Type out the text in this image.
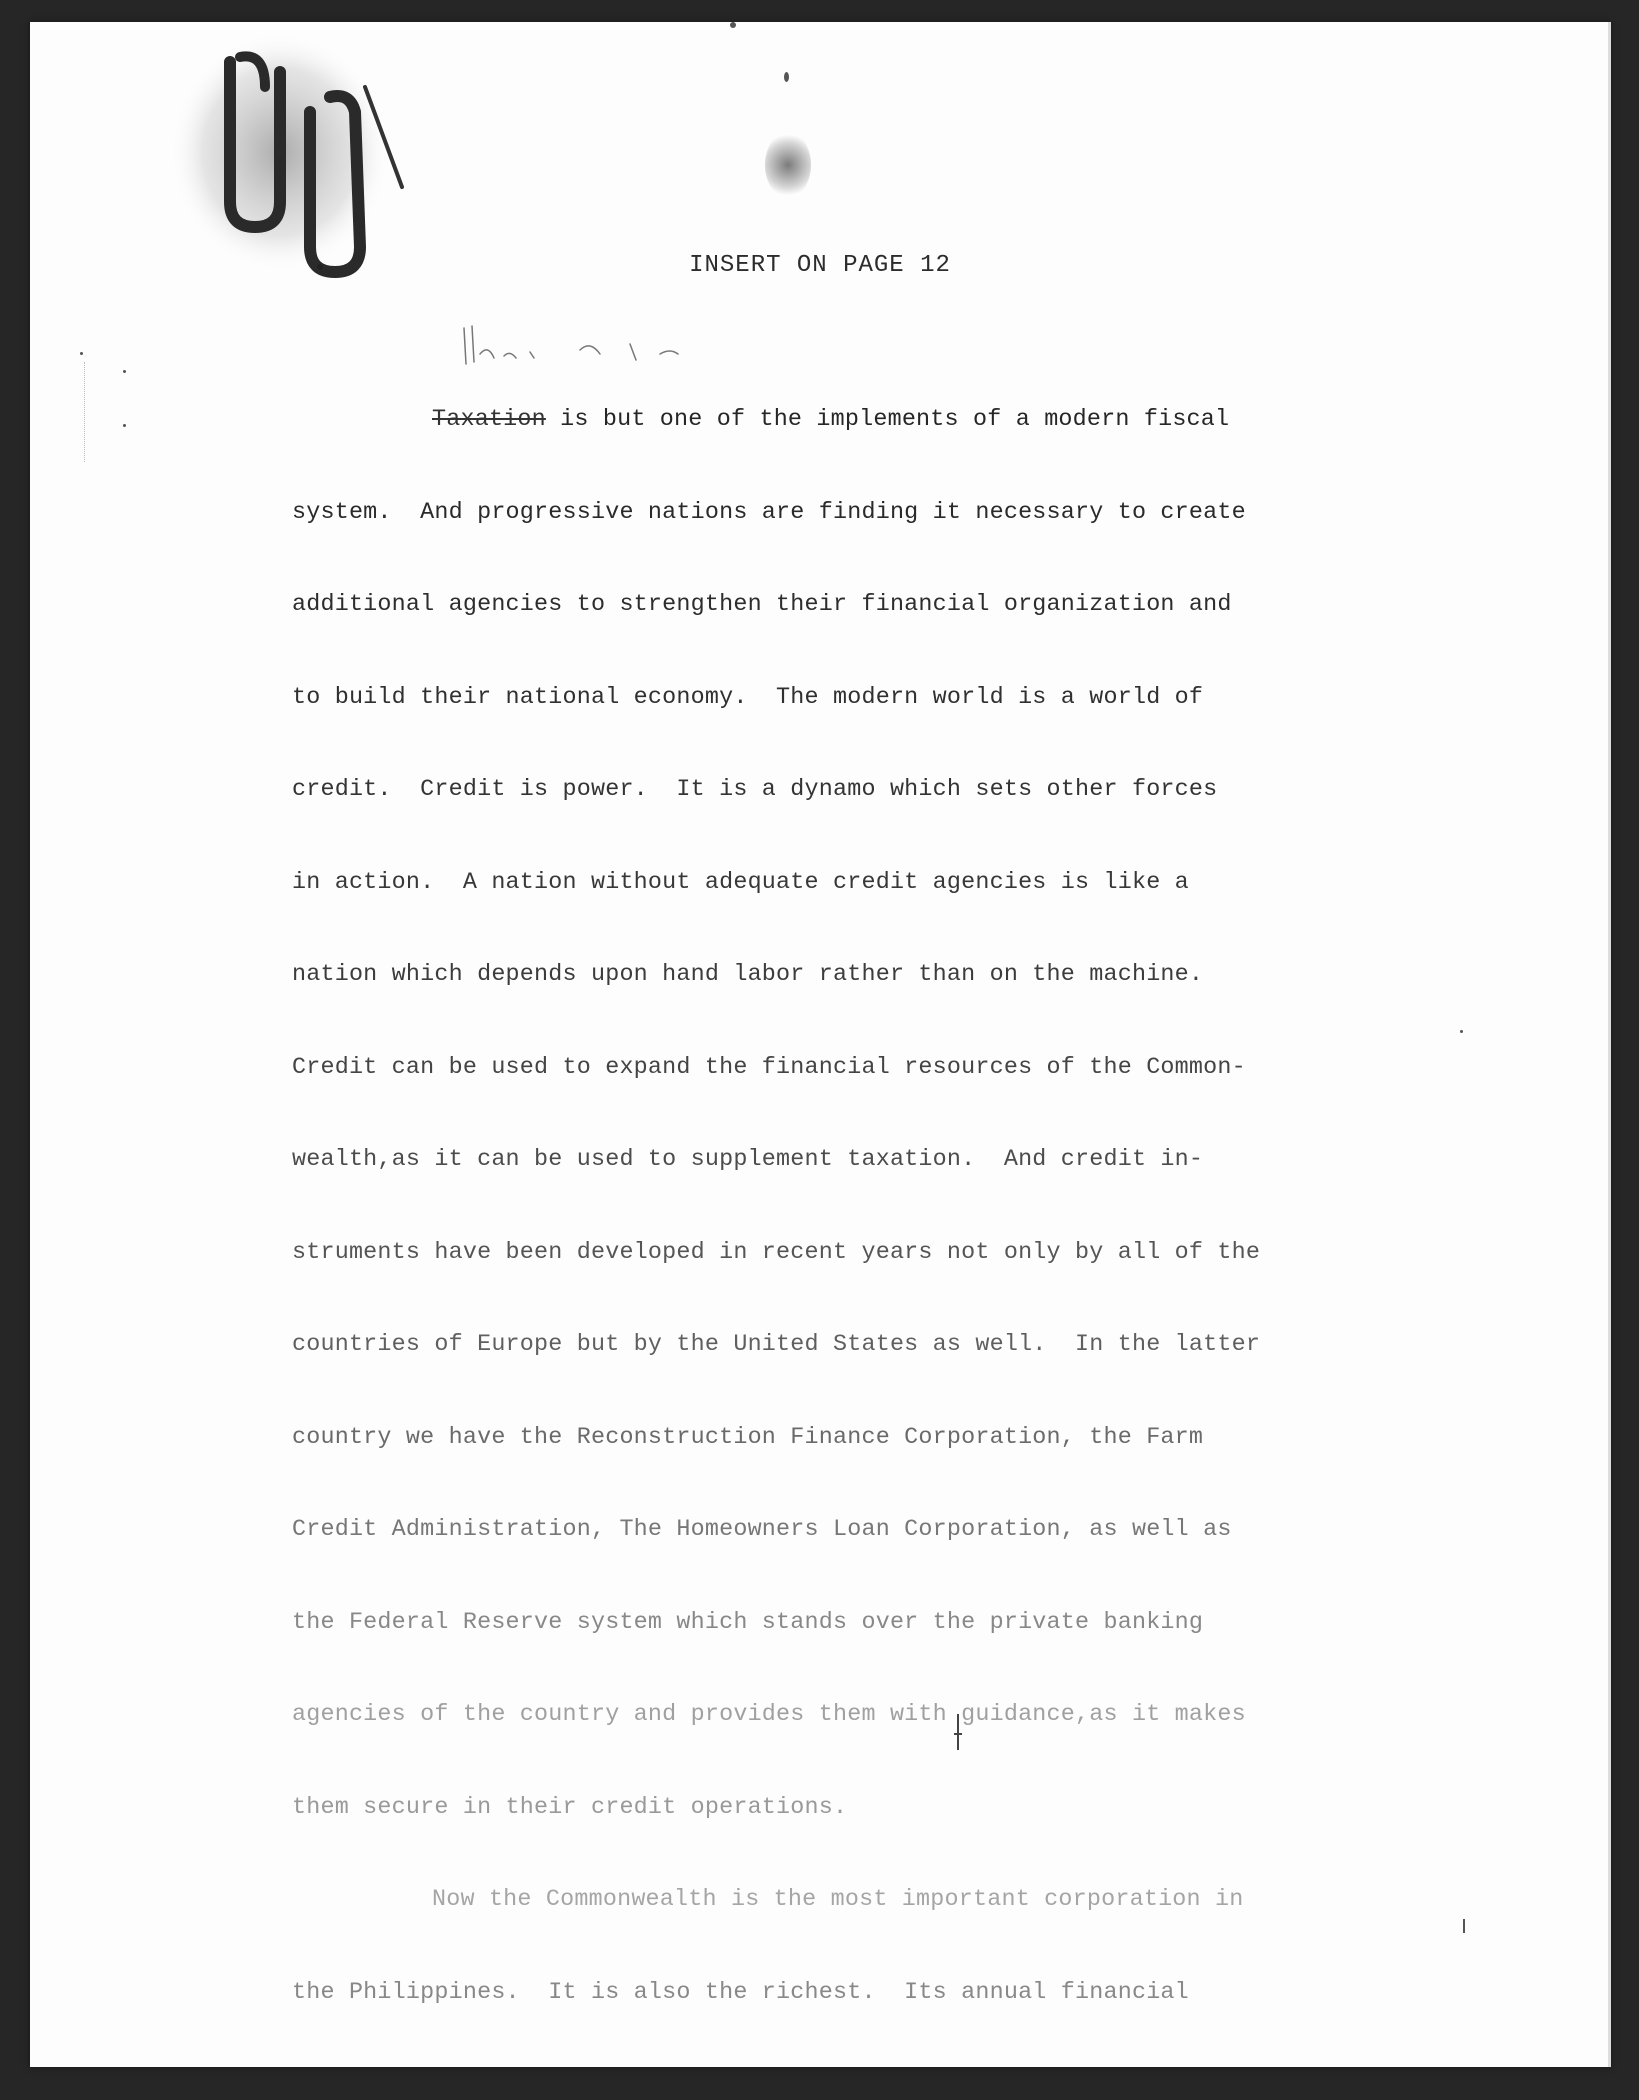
INSERT ON PAGE 12
Taxation is but one of the implements of a modern fiscal
system.  And progressive nations are finding it necessary to create
additional agencies to strengthen their financial organization and
to build their national economy.  The modern world is a world of
credit.  Credit is power.  It is a dynamo which sets other forces
in action.  A nation without adequate credit agencies is like a
nation which depends upon hand labor rather than on the machine.
Credit can be used to expand the financial resources of the Common-
wealth,as it can be used to supplement taxation.  And credit in-
struments have been developed in recent years not only by all of the
countries of Europe but by the United States as well.  In the latter
country we have the Reconstruction Finance Corporation, the Farm
Credit Administration, The Homeowners Loan Corporation, as well as
the Federal Reserve system which stands over the private banking
agencies of the country and provides them with guidance,as it makes
them secure in their credit operations.
Now the Commonwealth is the most important corporation in
the Philippines.  It is also the richest.  Its annual financial
